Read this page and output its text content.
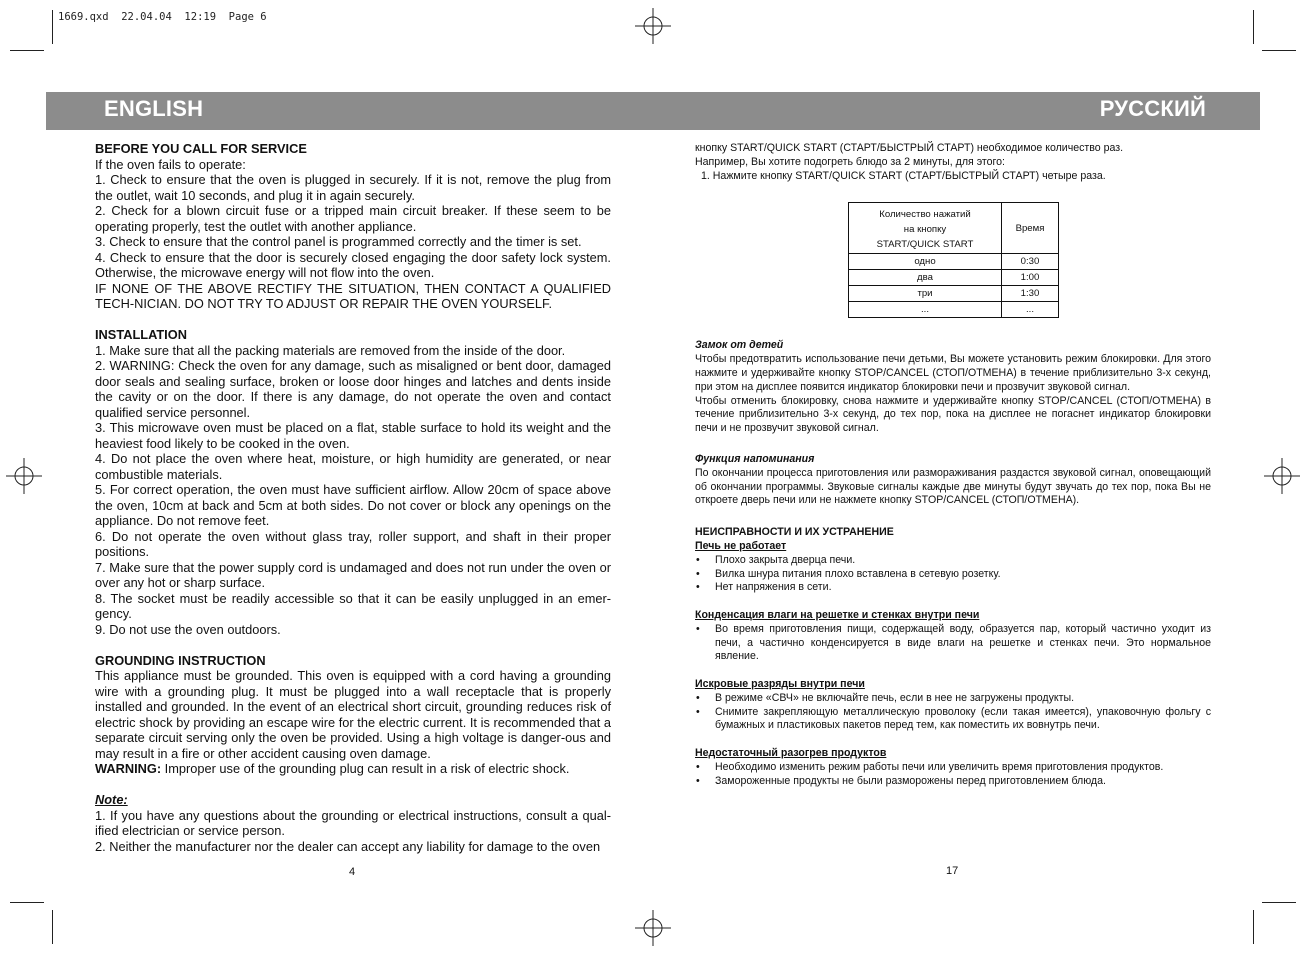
1669.qxd  22.04.04  12:19  Page 6
ENGLISH	РУССКИЙ
BEFORE YOU CALL FOR SERVICE

If the oven fails to operate:

1. Check to ensure that the oven is plugged in securely. If it is not, remove the plug from the outlet, wait 10 seconds, and plug it in again securely.

2. Check for a blown circuit fuse or a tripped main circuit breaker. If these seem to be operating properly, test the outlet with another appliance.

3. Check to ensure that the control panel is programmed correctly and the timer is set.

4. Check to ensure that the door is securely closed engaging the door safety lock system. Otherwise, the microwave energy will not flow into the oven.

IF NONE OF THE ABOVE RECTIFY THE SITUATION, THEN CONTACT A QUALIFIED TECH-NICIAN. DO NOT TRY TO ADJUST OR REPAIR THE OVEN YOURSELF.

INSTALLATION

1. Make sure that all the packing materials are removed from the inside of the door.

2. WARNING: Check the oven for any damage, such as misaligned or bent door, damaged door seals and sealing surface, broken or loose door hinges and latches and dents inside the cavity or on the door. If there is any damage, do not operate the oven and contact qualified service personnel.

3. This microwave oven must be placed on a flat, stable surface to hold its weight and the heaviest food likely to be cooked in the oven.

4. Do not place the oven where heat, moisture, or high humidity are generated, or near combustible materials.

5. For correct operation, the oven must have sufficient airflow. Allow 20cm of space above the oven, 10cm at back and 5cm at both sides. Do not cover or block any openings on the appliance. Do not remove feet.

6. Do not operate the oven without glass tray, roller support, and shaft in their proper positions.

7. Make sure that the power supply cord is undamaged and does not run under the oven or over any hot or sharp surface.

8. The socket must be readily accessible so that it can be easily unplugged in an emer-gency.

9. Do not use the oven outdoors.

GROUNDING INSTRUCTION

This appliance must be grounded. This oven is equipped with a cord having a grounding wire with a grounding plug. It must be plugged into a wall receptacle that is properly installed and grounded. In the event of an electrical short circuit, grounding reduces risk of electric shock by providing an escape wire for the electric current. It is recommended that a separate circuit serving only the oven be provided. Using a high voltage is danger-ous and may result in a fire or other accident causing oven damage.

WARNING: Improper use of the grounding plug can result in a risk of electric shock.

Note:

1. If you have any questions about the grounding or electrical instructions, consult a qual-ified electrician or service person.

2. Neither the manufacturer nor the dealer can accept any liability for damage to the oven

кнопку START/QUICK START (СТАРТ/БЫСТРЫЙ СТАРТ) необходимое количество раз.

Например, Вы хотите подогреть блюдо за 2 минуты, для этого:

1. Нажмите кнопку START/QUICK START (СТАРТ/БЫСТРЫЙ СТАРТ) четыре раза.

Замок от детей

Чтобы предотвратить использование печи детьми, Вы можете установить режим блокировки. Для этого нажмите и удерживайте кнопку STOP/CANCEL (СТОП/ОТМЕНА) в течение приблизительно 3-х секунд, при этом на дисплее появится индикатор блокировки печи и прозвучит звуковой сигнал.

Чтобы отменить блокировку, снова нажмите и удерживайте кнопку STOP/CANCEL (СТОП/ОТМЕНА) в течение приблизительно 3-х секунд, до тех пор, пока на дисплее не погаснет индикатор блокировки печи и не прозвучит звуковой сигнал.

Функция напоминания

По окончании процесса приготовления или размораживания раздастся звуковой сигнал, оповещающий об окончании программы. Звуковые сигналы каждые две минуты будут звучать до тех пор, пока Вы не откроете дверь печи или не нажмете кнопку STOP/CANCEL (СТОП/ОТМЕНА).

НЕИСПРАВНОСТИ И ИХ УСТРАНЕНИЕ

Печь не работает

• Плохо закрыта дверца печи.

• Вилка шнура питания плохо вставлена в сетевую розетку.

• Нет напряжения в сети.

Конденсация влаги на решетке и стенках внутри печи

• Во время приготовления пищи, содержащей воду, образуется пар, который частично уходит из печи, а частично конденсируется в виде влаги на решетке и стенках печи. Это нормальное явление.

Искровые разряды внутри печи

• В режиме «СВЧ» не включайте печь, если в нее не загружены продукты.

• Снимите закрепляющую металлическую проволоку (если такая имеется), упаковочную фольгу с бумажных и пластиковых пакетов перед тем, как поместить их вовнутрь печи.

Недостаточный разогрев продуктов

• Необходимо изменить режим работы печи или увеличить время приготовления продуктов.

• Замороженные продукты не были разморожены перед приготовлением блюда.

Количество нажатий
на кнопку
START/QUICK START	Время
одно	0:30
два	1:00
три	1:30
...	...
4	17
